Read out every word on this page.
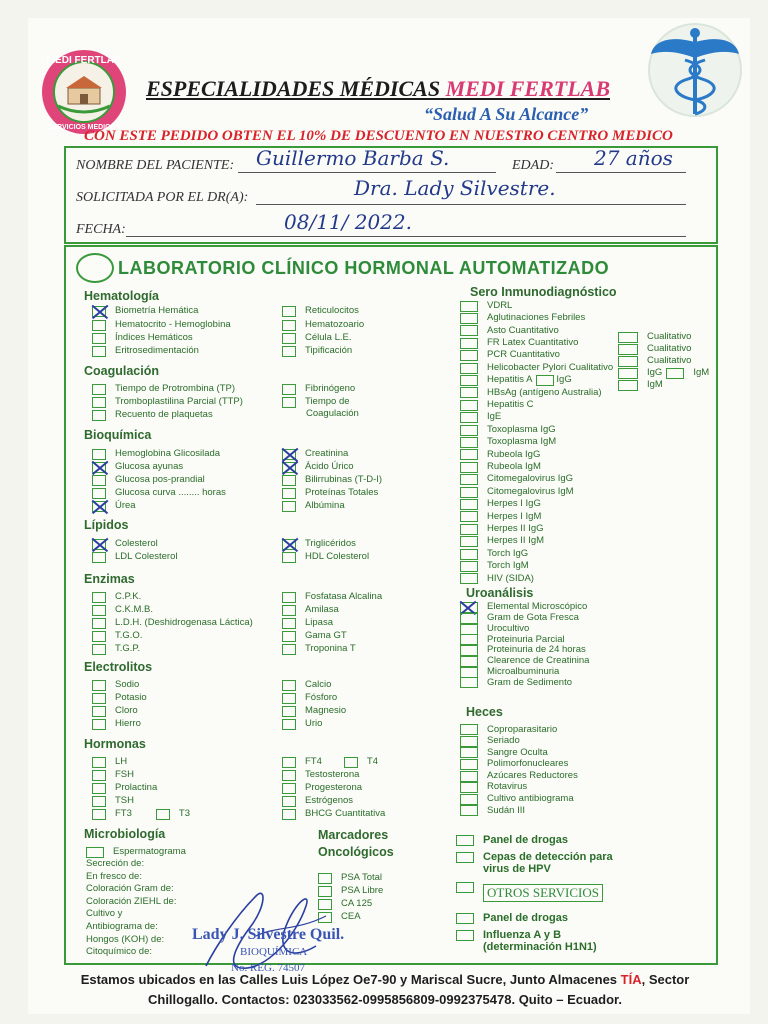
MEDI FERTLAB
SERVICIOS MEDICOS
ESPECIALIDADES MÉDICAS MEDI FERTLAB
“Salud A Su Alcance”
CON ESTE PEDIDO OBTEN EL 10% DE DESCUENTO EN NUESTRO CENTRO MEDICO
NOMBRE DEL PACIENTE: Guillermo Barba S.	EDAD: 27 años
SOLICITADA POR EL DR(A):	Dra. Lady Silvestre.
FECHA:	08/11/ 2022.
LABORATORIO CLÍNICO HORMONAL AUTOMATIZADO
Hematología
Biometría Hemática
Hematocrito - Hemoglobina
Índices Hemáticos
Eritrosedimentación
Reticulocitos
Hematozoario
Célula L.E.
Tipificación
Coagulación
Tiempo de Protrombina (TP)
Tromboplastilina Parcial (TTP)
Recuento de plaquetas
Fibrinógeno
Tiempo de
Coagulación
Bioquímica
Hemoglobina Glicosilada
Glucosa ayunas
Glucosa pos-prandial
Glucosa curva ........ horas
Úrea
Creatinina
Ácido Úrico
Bilirrubinas (T-D-I)
Proteínas Totales
Albúmina
Lípidos
Colesterol
LDL Colesterol
Triglicéridos
HDL Colesterol
Enzimas
C.P.K.
C.K.M.B.
L.D.H. (Deshidrogenasa Láctica)
T.G.O.
T.G.P.
Fosfatasa Alcalina
Amilasa
Lipasa
Gama GT
Troponina T
Electrolitos
Sodio
Potasio
Cloro
Hierro
Calcio
Fósforo
Magnesio
Urio
Hormonas
LH
FSH
Prolactina
TSH
FT3	T3
FT4	T4
Testosterona
Progesterona
Estrógenos
BHCG Cuantitativa
Microbiología
Espermatograma
Secreción de:
En fresco de:
Coloración Gram de:
Coloración ZIEHL de:
Cultivo y
Antibiograma de:
Hongos (KOH) de:
Citoquímico de:
Marcadores
Oncológicos
PSA Total
PSA Libre
CA 125
CEA
Sero Inmunodiagnóstico
VDRL
Aglutinaciones Febriles
Asto Cuantitativo
FR Latex Cuantitativo
PCR Cuantitativo
Helicobacter Pylori Cualitativo
Hepatitis A	IgG
HBsAg (antígeno Australia)
Hepatitis C
IgE
Toxoplasma IgG
Toxoplasma IgM
Rubeola IgG
Rubeola IgM
Citomegalovirus IgG
Citomegalovirus IgM
Herpes I IgG
Herpes I IgM
Herpes II IgG
Herpes II IgM
Torch IgG
Torch IgM
HIV (SIDA)
Cualitativo
Cualitativo
Cualitativo
IgG	IgM
IgM
Uroanálisis
Elemental Microscópico
Gram de Gota Fresca
Urocultivo
Proteinuria Parcial
Proteinuria de 24 horas
Clearence de Creatinina
Microalbuminuria
Gram de Sedimento
Heces
Coproparasitario
Seriado
Sangre Oculta
Polimorfonucleares
Azúcares Reductores
Rotavirus
Cultivo antibiograma
Sudán III
Panel de drogas
Cepas de detección para
virus de HPV
OTROS SERVICIOS
Panel de drogas
Influenza A y B
(determinación H1N1)
Lady J. Silvestre Quil.
BIOQUÍMICA
No. REG. 74507
Estamos ubicados en las Calles Luis López Oe7-90 y Mariscal Sucre, Junto Almacenes TÍA, Sector
Chillogallo. Contactos: 023033562-0995856809-0992375478. Quito – Ecuador.
